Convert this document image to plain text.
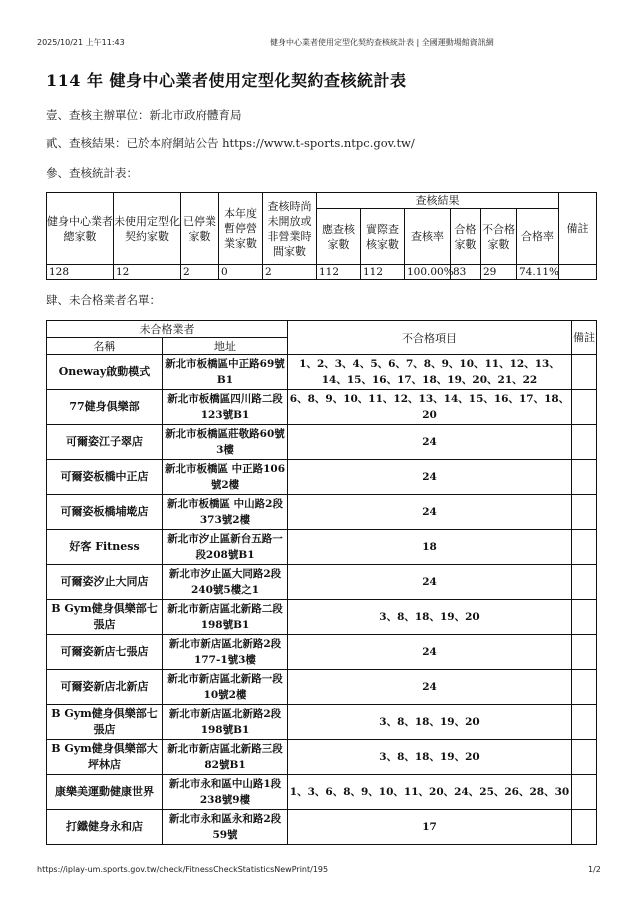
2025/10/21 上午11:43	健身中心業者使用定型化契約查核統計表 | 全國運動場館資訊網
114 年 健身中心業者使用定型化契約查核統計表
壹、查核主辦單位：新北市政府體育局
貳、查核結果：已於本府網站公告 https://www.t-sports.ntpc.gov.tw/
參、查核統計表：
健身中心業者總家數	未使用定型化契約家數	已停業家數	本年度暫停營業家數	查核時尚未開放或非營業時間家數	查核結果						備註
					應查核家數	實際查核家數	查核率	合格家數	不合格家數	合格率	
128	12	2	0	2	112	112	100.00%	83	29	74.11%	
肆、未合格業者名單：
未合格業者		不合格項目	備註
名稱	地址		
Oneway啟動模式	新北市板橋區中正路69號B1	1、2、3、4、5、6、7、8、9、10、11、12、13、14、15、16、17、18、19、20、21、22	
77健身俱樂部	新北市板橋區四川路二段123號B1	6、8、9、10、11、12、13、14、15、16、17、18、20	
可爾姿江子翠店	新北市板橋區莊敬路60號3樓	24	
可爾姿板橋中正店	新北市板橋區 中正路106號2樓	24	
可爾姿板橋埔墘店	新北市板橋區 中山路2段373號2樓	24	
好客 Fitness	新北市汐止區新台五路一段208號B1	18	
可爾姿汐止大同店	新北市汐止區大同路2段240號5樓之1	24	
B Gym健身俱樂部七張店	新北市新店區北新路二段198號B1	3、8、18、19、20	
可爾姿新店七張店	新北市新店區北新路2段177-1號3樓	24	
可爾姿新店北新店	新北市新店區北新路一段10號2樓	24	
B Gym健身俱樂部七張店	新北市新店區北新路2段198號B1	3、8、18、19、20	
B Gym健身俱樂部大坪林店	新北市新店區北新路三段82號B1	3、8、18、19、20	
康樂美運動健康世界	新北市永和區中山路1段238號9樓	1、3、6、8、9、10、11、20、24、25、26、28、30	
打鐵健身永和店	新北市永和區永和路2段59號	17	
https://iplay-um.sports.gov.tw/check/FitnessCheckStatisticsNewPrint/195	1/2
